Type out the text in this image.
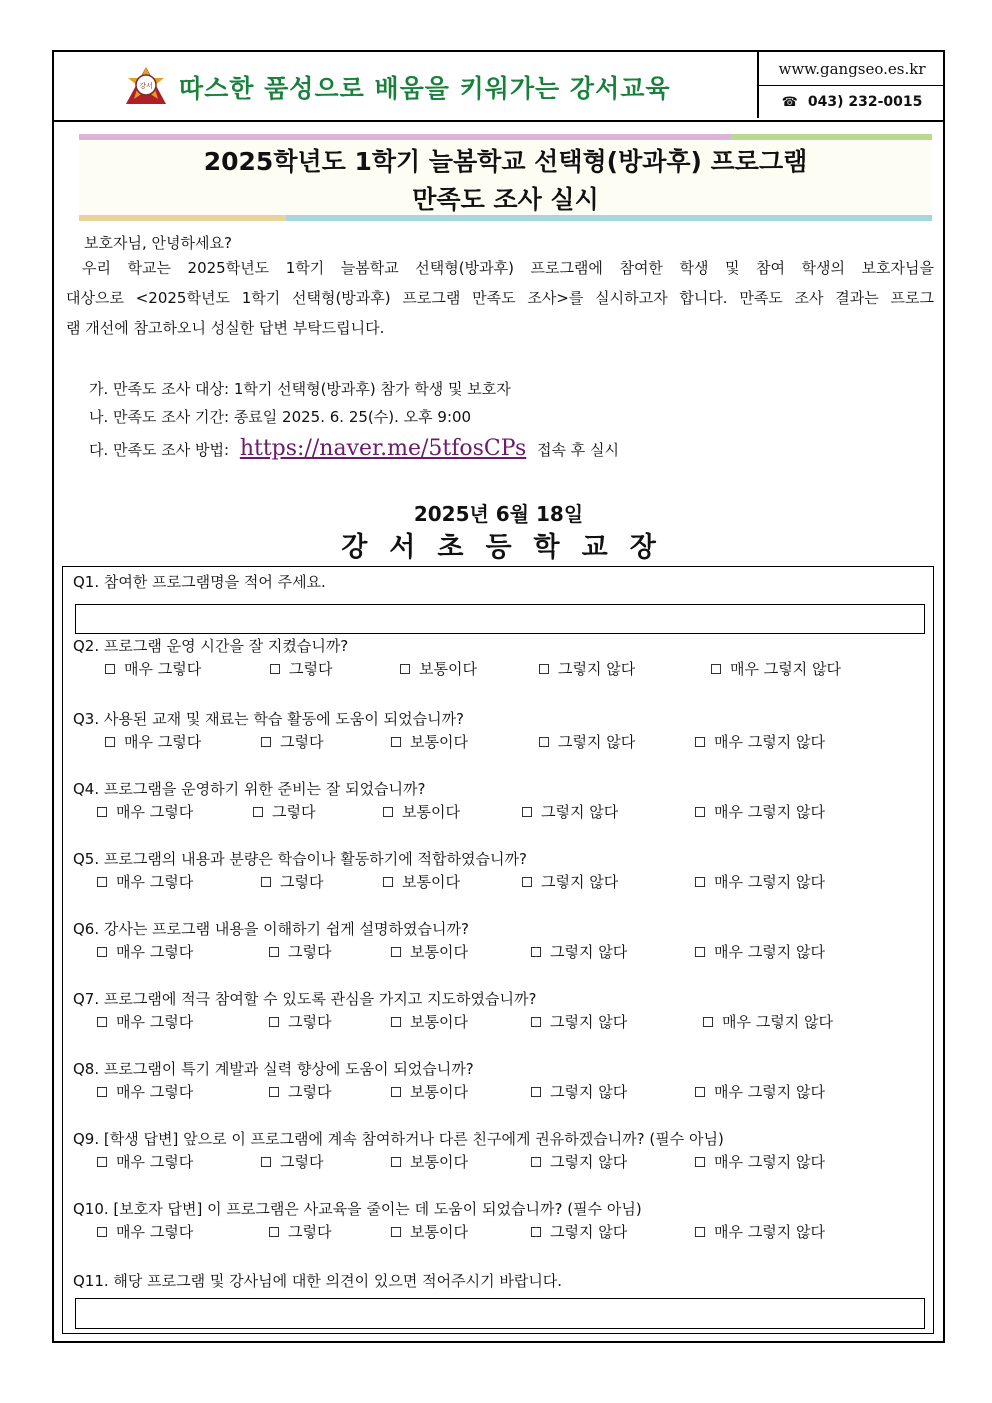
강서 따스한 품성으로 배움을 키워가는 강서교육
www.gangseo.es.kr
☎ 043) 232-0015
2025학년도 1학기 늘봄학교 선택형(방과후) 프로그램
만족도 조사 실시
보호자님, 안녕하세요?
우리 학교는 2025학년도 1학기 늘봄학교 선택형(방과후) 프로그램에 참여한 학생 및 참여 학생의 보호자님을
대상으로 <2025학년도 1학기 선택형(방과후) 프로그램 만족도 조사>를 실시하고자 합니다. 만족도 조사 결과는 프로그
램 개선에 참고하오니 성실한 답변 부탁드립니다.
가. 만족도 조사 대상: 1학기 선택형(방과후) 참가 학생 및 보호자
나. 만족도 조사 기간: 종료일 2025. 6. 25(수). 오후 9:00
다. 만족도 조사 방법: https://naver.me/5tfosCPs 접속 후 실시
2025년 6월 18일
강서초등학교장
Q1. 참여한 프로그램명을 적어 주세요.
Q2. 프로그램 운영 시간을 잘 지켰습니까?
매우 그렇다	그렇다	보통이다	그렇지 않다	매우 그렇지 않다
Q3. 사용된 교재 및 재료는 학습 활동에 도움이 되었습니까?
매우 그렇다	그렇다	보통이다	그렇지 않다	매우 그렇지 않다
Q4. 프로그램을 운영하기 위한 준비는 잘 되었습니까?
매우 그렇다	그렇다	보통이다	그렇지 않다	매우 그렇지 않다
Q5. 프로그램의 내용과 분량은 학습이나 활동하기에 적합하였습니까?
매우 그렇다	그렇다	보통이다	그렇지 않다	매우 그렇지 않다
Q6. 강사는 프로그램 내용을 이해하기 쉽게 설명하였습니까?
매우 그렇다	그렇다	보통이다	그렇지 않다	매우 그렇지 않다
Q7. 프로그램에 적극 참여할 수 있도록 관심을 가지고 지도하였습니까?
매우 그렇다	그렇다	보통이다	그렇지 않다	매우 그렇지 않다
Q8. 프로그램이 특기 계발과 실력 향상에 도움이 되었습니까?
매우 그렇다	그렇다	보통이다	그렇지 않다	매우 그렇지 않다
Q9. [학생 답변] 앞으로 이 프로그램에 계속 참여하거나 다른 친구에게 권유하겠습니까? (필수 아님)
매우 그렇다	그렇다	보통이다	그렇지 않다	매우 그렇지 않다
Q10. [보호자 답변] 이 프로그램은 사교육을 줄이는 데 도움이 되었습니까? (필수 아님)
매우 그렇다	그렇다	보통이다	그렇지 않다	매우 그렇지 않다
Q11. 해당 프로그램 및 강사님에 대한 의견이 있으면 적어주시기 바랍니다.
